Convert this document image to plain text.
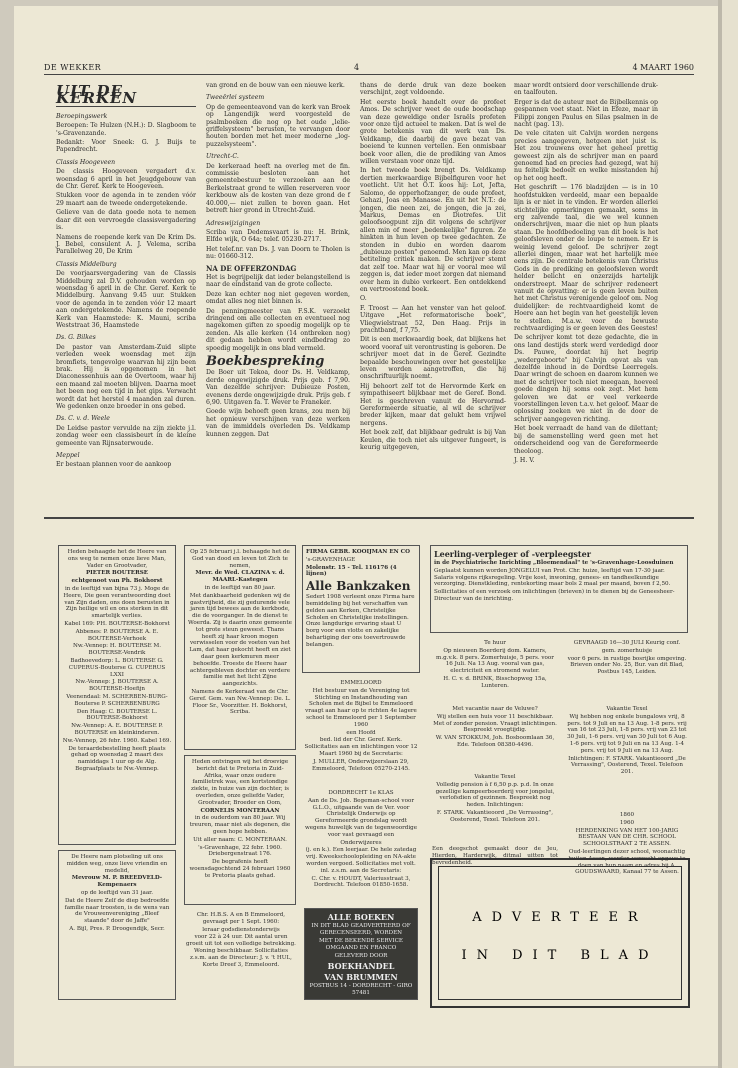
DE WEKKER	4	4 MAART 1960
UIT DE KERKEN

Beroepingswerk

Beroepen: Te Hulzen (N.H.): D. Slagboom te 's-Gravenzande.

Bedankt: Voor Sneek: G. J. Buijs te Papendrecht.

Classis Hoogeveen

De classis Hoogeveen vergadert d.v. woensdag 6 april in het Jeugdgebouw van de Chr. Geref. Kerk te Hoogeveen.

Stukken voor de agenda in te zenden vóór 29 maart aan de tweede ondergetekende.

Gelieve van de data goede nota te nemen daar dit een vervroegde classisvergadering is.

Namens de roepende kerk van De Krim Ds. J. Bebel, consulent A. J. Velema, scriba Parallelweg 20, De Krim

Classis Middelburg

De voorjaarsvergadering van de Classis Middelburg zal D.V. gehouden worden op woensdag 6 april in de Chr. Geref. Kerk te Middelburg. Aanvang 9.45 uur. Stukken voor de agenda in te zenden vóór 12 maart aan ondergetekende. Namens de roepende Kerk van Haamstede: K. Mauni, scriba Weststraat 36, Haamstede

Ds. G. Bilkes

De pastor van Amsterdam-Zuid slipte verleden week woensdag met zijn bromfiets, tengevolge waarvan hij zijn been brak. Hij is opgenomen in het Diaconessenhuis aan de Overtoom, waar hij een maand zal moeten blijven. Daarna moet het been nog een tijd in het gips. Verwacht wordt dat het herstel 4 maanden zal duren. We gedenken onze broeder in ons gebed.

Ds. C. v. d. Weele

De Leidse pastor vervulde na zijn ziekte j.l. zondag weer een classisbeurt in de kleine gemeente van Rijnsaterwoude.

Meppel

Er bestaan plannen voor de aankoop

van grond en de bouw van een nieuwe kerk.

Tweeërlei systeem

Op de gemeenteavond van de kerk van Broek op Langendijk werd voorgesteld de psalmboeken die nog op het oude „lelie-griffelsysteem" berusten, te vervangen door houten borden met het meer moderne „log-puzzelsysteem".

Utrecht-C.

De kerkeraad heeft na overleg met de fin. commissie besloten aan het gemeentebestuur te verzoeken aan de Berkelstraat grond te willen reserveren voor kerkbouw als de kosten van deze grond de f 40.000,— niet zullen te boven gaan. Het betreft hier grond in Utrecht-Zuid.

Adreswijzigingen

Scriba van Dedemsvaart is nu: H. Brink, Elfde wijk, O 64a; telef. 05230-2717.

Het telef.nr. van Ds. J. van Doorn te Tholen is nu: 01660-312.

NA DE OFFERZONDAG

Het is begrijpelijk dat ieder belangstellend is naar de eindstand van de grote collecte.

Deze kan echter nog niet gegeven worden, omdat alles nog niet binnen is.

De penningmeester van F.S.K. verzoekt dringend om alle collecten en eventueel nog nagekomen giften zo spoedig mogelijk op te zenden. Als alle kerken (14 ontbreken nog) dit gedaan hebben wordt eindbedrag zo spoedig mogelijk in ons blad vermeld.

Boekbespreking

De Boer uit Tekoa, door Ds. H. Veldkamp, derde ongewijzigde druk. Prijs geb. f 7,90. Van dezelfde schrijver: Dubieuze Posten, evenens derde ongewijzigde druk. Prijs geb. f 6,90. Uitgaven fa. T. Wever te Franeker.

Goede wijn behoeft geen krans, zou men bij het opnieuw verschijnen van deze werken van de immiddels overleden Ds. Veldkamp kunnen zeggen. Dat

thans de derde druk van deze boeken verschijnt, zegt voldoende.

Het eerste boek handelt over de profeet Amos. De schrijver weet de oude boodschap van deze geweldige onder Israëls profeten voor onze tijd actueel te maken. Dat is wel de grote betekenis van dit werk van Ds. Veldkamp, die daarbij de gave bezat van boeiend te kunnen vertellen. Een onmisbaar boek voor allen, die de prediking van Amos willen verstaan voor onze tijd.

In het tweede boek brengt Ds. Veldkamp dertien merkwaardige Bijbelfiguren voor het voetlicht. Uit het O.T. koos hij: Lot, Jefta, Salomo, de opperhofzanger, de oude profeet, Gehazi, Joas en Manasse. En uit het N.T.: de jongen, die neen zei, de jongen, die ja zei, Markus, Demas en Diotrefes. Uit geloofsoogpunt zijn dit volgens de schrijver allen min of meer „bedenkelijke" figuren. Ze hinkten in hun leven op twee gedachten. Ze stonden in dubio en worden daarom „dubieuze posten" genoemd. Men kan op deze betiteling critiek maken. De schrijver stemt dat zelf toe. Maar wat hij er vooral mee wil zeggen is, dat ieder moet zorgen dat niemand over hem in dubio verkeert. Een ontdekkend en vertroostend boek.

O.

F. Troost — Aan het venster van het geloof. Uitgave „Het reformatorische boek", Vliegwielstraat 52, Den Haag. Prijs in prachtband, f 7,75.

Dit is een merkwaardig boek, dat blijkens het woord vooraf uit verontrusting is geboren. De schrijver moet dat in de Geref. Gezindte bepaalde beschouwingen over het geestelijke leven worden aangetroffen, die hij onschriftuurlijk noemt.

Hij behoort zelf tot de Hervormde Kerk en sympathiseert blijkbaar met de Geref. Bond. Het is geschreven vanuit de Hervormd-Gereformeerde situatie, al wil de schrijver breder kijken, maar dat gelukt hem vrijwel nergens.

Het boek zelf, dat blijkbaar gedrukt is bij Van Keulen, die toch niet als uitgever fungeert, is keurig uitgegeven,

maar wordt ontsierd door verschillende druk- en taalfouten.

Erger is dat de auteur met de Bijbelkennis op gespannen voet staat. Niet in Efeze, maar in Filippi zongen Paulus en Silas psalmen in de nacht (pag. 13).

De vele citaten uit Calvijn worden nergens precies aangegeven, hetgeen niet juist is. Het zou trouwens over het geheel prettig geweest zijn als de schrijver man en paard genoemd had en precies had gezegd, wat hij nu feitelijk bedoelt en welke misstanden hij op het oog heeft.

Het geschrift — 176 bladzijden — is in 10 hoofdstukken verdeeld, maar een bepaalde lijn is er niet in te vinden. Er worden allerlei stichtelijke opmerkingen gemaakt, soms in erg zalvende taal, die we wel kunnen onderschrijven, maar die niet op hun plaats staan. De hoofdbedoeling van dit boek is het geloofsleven onder de loupe te nemen. Er is weinig levend geloof. De schrijver zegt allerlei dingen, maar wat het hartelijk mee eens zijn. De centrale betekenis van Christus Gods in de prediking en geloofsleven wordt helder belicht en onzerzijds hartelijk onderstreept. Maar de schrijver redeneert vanuit de opvatting: er is geen leven buiten het met Christus verenigende geloof om. Nog duidelijker: de rechtvaardigheid komt de Hoere aan het begin van het geestelijk leven te stellen. M.a.w. voor de bewuste rechtvaardiging is er geen leven des Geestes!

De schrijver komt tot deze gedachte, die in ons land destijds sterk werd verdedigd door Ds. Pauwe, doordat hij het begrip „wedergeboorte" bij Calvijn opvat als van dezelfde inhoud in de Dordtse Leerregels. Daar wringt de schoen en daarom kunnen we met de schrijver toch niet meegaan, hoeveel goede dingen hij soms ook zegt. Met hem geloven we dat er veel verkeerde voorstellingen leven t.a.v. het geloof. Maar de oplossing zoeken we niet in de door de schrijver aangegeven richting.

Het boek verraadt de hand van de dilettant; bij de samenstelling werd geen met het onderscheidend oog van de Gereformeerde theoloog.

J. H. V.

Heden behaagde het de Heere van ons weg te nemen onze lieve Man, Vader en Grootvader,

PIETER BOUTERSE

echtgenoot van Ph. Bokhorst

in de leeftijd van bijna 73 j. Moge de Heere, Die geen verantwoording doet van Zijn daden, ons doen berusten in Zijn heilige wil en ons sterken in dit smartelijk verlies.

Kabel 169: PH. BOUTERSE-Bokhorst

Abbenes: P. BOUTERSE A. E. BOUTERSE-Verhoek

Nw.-Vennep: H. BOUTERSE M. BOUTERSE-Vendrik

Badhoevedorp: L. BOUTERSE G. CUPERUS-Bouterse G. CUPERUS LXXI

Nw.-Vennep: J. BOUTERSE A. BOUTERSE-Hoefijn

Veenendaal: M. SCHERBEN-BURG-Bouterse P. SCHERBENBURG

Den Haag: C. BOUTERSE L. BOUTERSE-Bokhorst

Nw.-Vennep: A. E. BOUTERSE P. BOUTERSE en kleinkinderen.

Nw.-Vennep, 26 febr. 1960. Kabel 169.

De teraardebestelling heeft plaats gehad op woensdag 2 maart des namiddags 1 uur op de Alg. Begraafplaats te Nw.-Vennep.

De Heere nam plotseling uit ons midden weg, onze lieve vriendin en medelid,

Mevrouw M. P. BREEDVELD-Kempenaers

op de leeftijd van 31 jaar.

Dat de Heere Zelf de diep bedroefde familie naar troosten, is de wens van de Vrouwenvereniging „Bleef staande" door de Jaffe"

A. Bijl, Pres. P. Droogendijk, Secr.

Op 25 februari j.l. behaagde het de God van dood en leven tot Zich te nemen,

Mevr. de Wed. CLAZINA v. d. MAARL-Kastegen

in de leeftijd van 80 jaar.

Met dankbaarheid gedenken wij de gastvrijheid, die zij gedurende vele jaren tijd bewees aan de kerkbode, die de voorganger. In de dienst te Woerda. Zij is daarin onze gemeente tot grote steun geweest. Thans heeft zij haar kroon mogen verwisselen voor de voeten van het Lam, dat haar gekocht heeft en ziet daar geen kerkmuren meer behoefde. Troeste de Heere haar achtergebleven dochter en verdere familie met het licht Zijne aangezichts.

Namens de Kerkeraad van de Chr. Geref. Gem. van Nw.-Vennep: De. L. Floor Sr., Voorzitter. H. Bokhorst, Scriba.

Heden ontvingen wij het droevige bericht dat te Pretoria in Zuid-Afrika, waar onze oudere familietrek was, een kortstondige ziekte, in huize van zijn dochter, is overleden, onze geliefde Vader, Grootvader, Broeder en Oom,

CORNELIS MONTERAAN

in de ouderdom van 80 jaar. Wij treuren, maar niet als degenen, die geen hope hebben.

Uit aller naam: C. MONTERAAN.

's-Gravenhage, 22 febr. 1960. Driebergenstraat 176.

De begrafenis heeft woensdagochtend 24 februari 1960 te Pretoria plaats gehad.

Chr. H.B.S. A en B Emmeloord, gevraagt per 1 Sept. 1960:

leraar godsdienstonderwijs

voor 22 à 24 uur. Dit aantal uren groeit uit tot een volledige betrekking. Woning beschikbaar. Sollicitaties z.s.m. aan de Directeur: J. v. 't HUL, Korte Dreef 3, Emmeloord.

FIRMA GEBR. KOOIJMAN EN CO

's-GRAVENHAGE

Molenstr. 15 - Tel. 116176 (4 lijnen)

Alle Bankzaken

Sedert 1908 verleent onze Firma hare bemiddeling bij het verschaffen van gelden aan Kerken, Christelijke Scholen en Christelijke instellingen. Onze langdurige ervaring staat U borg voor een vlotte en zakelijke behartiging der ons toevertrouwde belangen.

EMMELOORD

Het bestuur van de Vereniging tot Stichting en Instandhouding van Scholen met de Bijbel te Emmeloord vraagt aan haar op te richten 4e lagere school te Emmeloord per 1 September 1960

een Hoofd

bed. lid der Chr. Geref. Kerk. Sollicitaties aan en inlichtingen voor 12 Maart 1960 bij de Secretaris:

J. MULLER, Onderwijzerslaan 29, Emmeloord, Telefoon 05270-2145.

DORDRECHT 1e KLAS

Aan de Ds. Job. Begeman-school voor G.L.O., uitgaande van de Ver. voor Christelijk Onderwijs op Gereformeerde grondslag wordt wegens huwelijk van de tegenwoordige voor vast gevraagd een

Onderwijzeres

(j. en k.). Een leerjaar. De hele zatedag vrij. Kweekschoolopleiding en NA-akte worden vergoed. Sollicitaties met volt. inl. z.s.m. aan de Secretaris:

C. Chr. v. HOUDT, Valeriusstraat 3, Dordrecht. Telefoon 01850-1658.

ALLE BOEKEN

IN DIT BLAD GEADVERTEERD OF GERECENSEERD, WORDEN

MET DE BEKENDE SERVICE

OMGAAND EN FRANCO

GELEVERD DOOR

BOEKHANDEL

VAN BRUMMEN

POSTBUS 14 - DORDRECHT - GIRO 57481

Leerling-verpleger of -verpleegster

in de Psychiatrische Inrichting „Bloemendaal" te 's-Gravenhage-Loosduinen

Geplaatst kunnen worden JONGELUI van Prot. Chr. huize, leeftijd van 17-30 jaar. Salaris volgens rijksregeling. Vrije kost, inwoning, genees- en tandheelkundige verzorging. Dienstkleding, rentekorting maar bols 2 maal per maand, boven f 2,50.

Sollicitaties of een verzoek om inlichtingen (brieven) in te dienen bij de Geneesheer-Directeur van de inrichting.

Te huur

Op nieuwen Boerderij dom. Kamers, m.g.v.k. 8 pers. Zomerhuisje, 5 pers. voor 16 Juli. Na 13 Aug. vooral van gas, electriciteit en stromend water.

H. C. v. d. BRINK, Bisschopweg 15a, Lunteren.

Met vacantie naar de Veluwe?

Wij stellen een huis voor 11 beschikbaar. Met of zonder pension. Vraagt inlichtingen. Bespreekt vroegtijdig.

W. VAN STOKKUM, Joh. Bosboomlaan 36, Ede. Telefoon 08380-4496.

Vakantie Texel

Volledig pension à f 6,50 p.p. p.d. In onze gezellige kampeerboerderij voor jongelui, verlofsdien of gezinnen. Bespreekt nog heden. Inlichtingen:

F. STARK. Vakantieoord „De Verrassing", Oosterend, Texel. Telefoon 201.

Een deegschot gemaakt door de Jeu, Hierden, Harderwijk, ditmal uitten tot bevredenheid.

GEVRAAGD 16—30 JULI Keurig conf.

gem. zomerhuisje

voor 6 pers. in rustige bosrijke omgeving. Brieven onder No. 25, Bur. van dit Blad, Postbus 145, Leiden.

Vakantie Texel

Wij hebben nog enkele bungalows vrij, 8 pers. tot 9 Juli en na 13 Aug. 1-8 pers. vrij van 16 tot 23 Juli, 1-8 pers. vrij van 23 tot 30 Juli, 1-6 pers. vrij van 30 Juli tot 6 Aug. 1-6 pers. vrij tot 9 Juli en na 13 Aug. 1-4 pers. vrij tot 9 Juli en na 13 Aug.

Inlichtingen: F. STARK. Vakantieoord „De Verrassing", Oosterend, Texel. Telefoon 201.

1860

1960

HERDENKING VAN HET 100-JARIG BESTAAN VAN DE CHR. SCHOOL SCHOOLSTRAAT 2 TE ASSEN.

Oud-leerlingen dezer school, woonachtig buiten Assen, worden verzocht opgave te doen van hun naam en adres bij A. GOUDSWAARD, Kanaal 77 te Assen.

ADVERTEER
IN DIT BLAD
